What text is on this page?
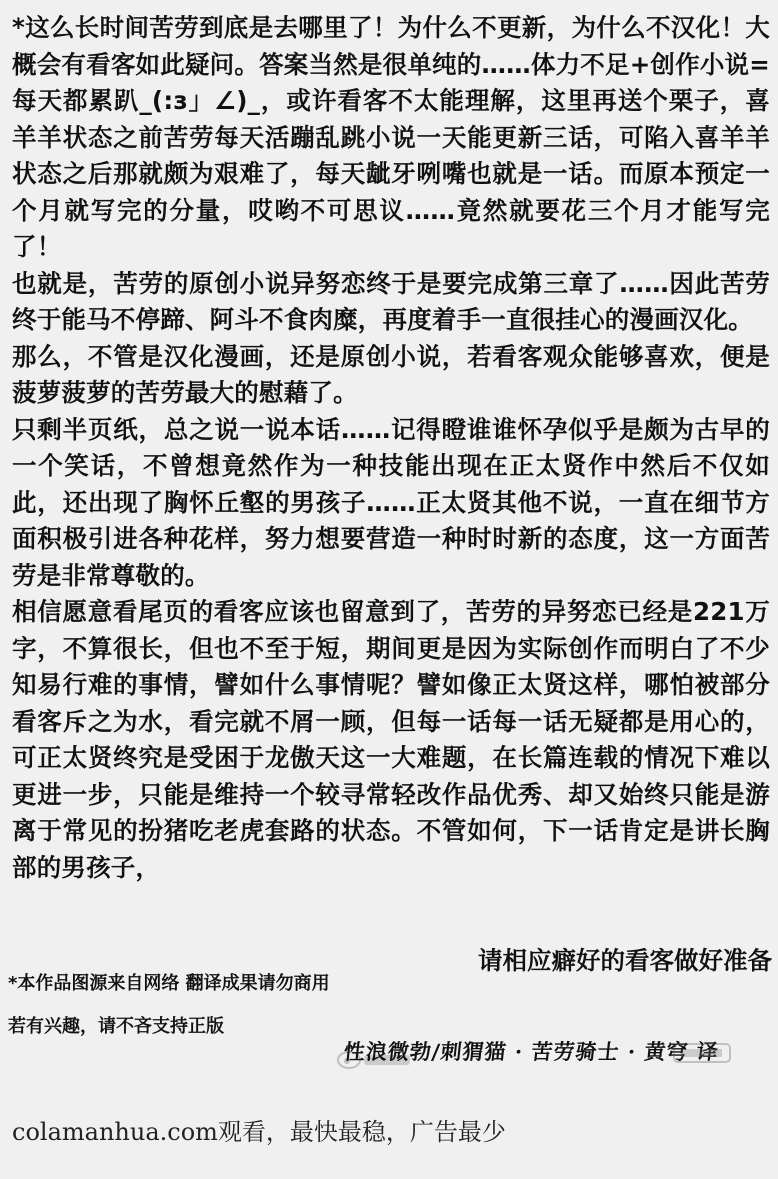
*这么长时间苦劳到底是去哪里了！为什么不更新，为什么不汉化！大概会有看客如此疑问。答案当然是很单纯的……体力不足+创作小说=每天都累趴_(:з」∠)_，或许看客不太能理解，这里再送个栗子，喜羊羊状态之前苦劳每天活蹦乱跳小说一天能更新三话，可陷入喜羊羊状态之后那就颇为艰难了，每天龇牙咧嘴也就是一话。而原本预定一个月就写完的分量，哎哟不可思议……竟然就要花三个月才能写完了！

也就是，苦劳的原创小说异努恋终于是要完成第三章了……因此苦劳终于能马不停蹄、阿斗不食肉糜，再度着手一直很挂心的漫画汉化。

那么，不管是汉化漫画，还是原创小说，若看客观众能够喜欢，便是菠萝菠萝的苦劳最大的慰藉了。

只剩半页纸，总之说一说本话……记得瞪谁谁怀孕似乎是颇为古早的一个笑话，不曾想竟然作为一种技能出现在正太贤作中然后不仅如此，还出现了胸怀丘壑的男孩子……正太贤其他不说，一直在细节方面积极引进各种花样，努力想要营造一种时时新的态度，这一方面苦劳是非常尊敬的。

相信愿意看尾页的看客应该也留意到了，苦劳的异努恋已经是221万字，不算很长，但也不至于短，期间更是因为实际创作而明白了不少知易行难的事情，譬如什么事情呢？譬如像正太贤这样，哪怕被部分看客斥之为水，看完就不屑一顾，但每一话每一话无疑都是用心的，可正太贤终究是受困于龙傲天这一大难题，在长篇连载的情况下难以更进一步，只能是维持一个较寻常轻改作品优秀、却又始终只能是游离于常见的扮猪吃老虎套路的状态。不管如何，下一话肯定是讲长胸部的男孩子，

请相应癖好的看客做好准备
*本作品图源来自网络 翻译成果请勿商用
若有兴趣，请不吝支持正版
性浪微勃/刺猬猫 · 苦劳骑士 · 黄穹 译
colamanhua.com观看，最快最稳，广告最少
